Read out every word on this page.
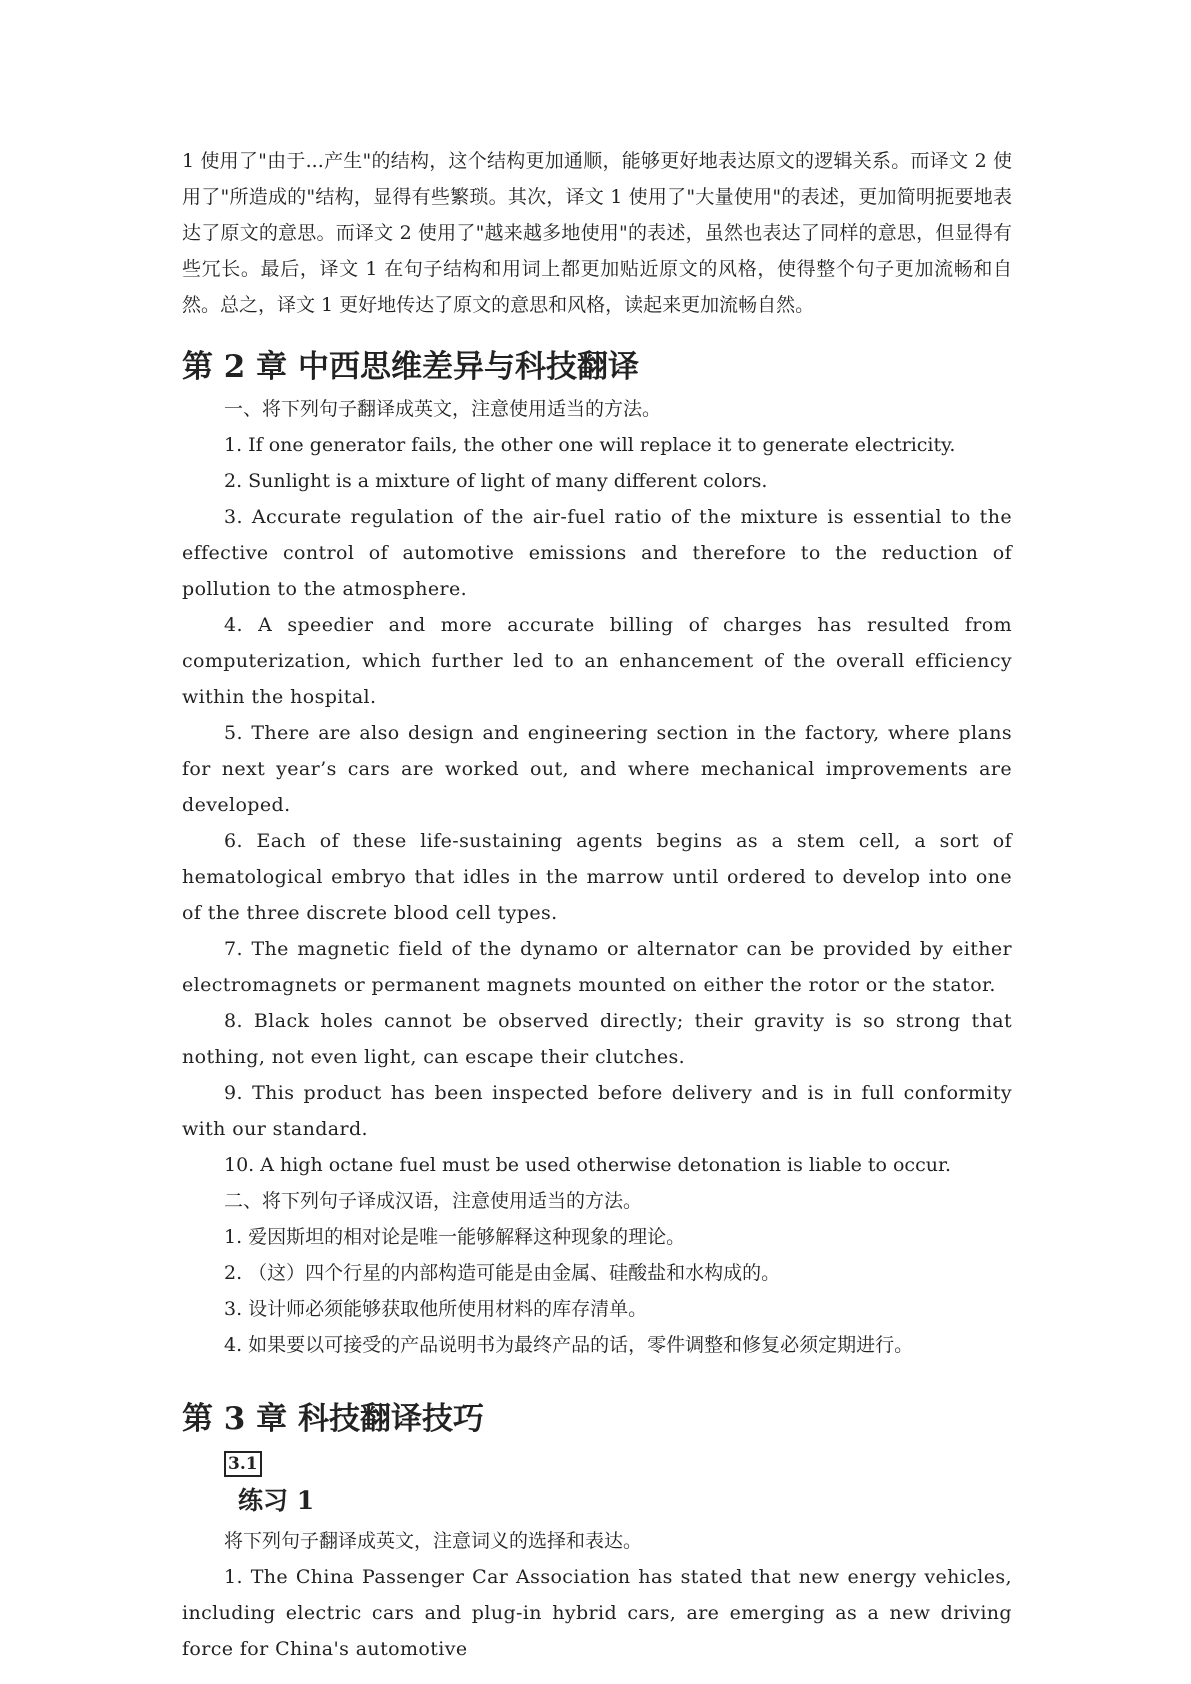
1 使用了"由于...产生"的结构，这个结构更加通顺，能够更好地表达原文的逻辑关系。而译文 2 使用了"所造成的"结构，显得有些繁琐。其次，译文 1 使用了"大量使用"的表述，更加简明扼要地表达了原文的意思。而译文 2 使用了"越来越多地使用"的表述，虽然也表达了同样的意思，但显得有些冗长。最后，译文 1 在句子结构和用词上都更加贴近原文的风格，使得整个句子更加流畅和自然。总之，译文 1 更好地传达了原文的意思和风格，读起来更加流畅自然。

第 2 章 中西思维差异与科技翻译

一、将下列句子翻译成英文，注意使用适当的方法。

1. If one generator fails, the other one will replace it to generate electricity.

2. Sunlight is a mixture of light of many different colors.

3. Accurate regulation of the air-fuel ratio of the mixture is essential to the effective control of automotive emissions and therefore to the reduction of pollution to the atmosphere.

4. A speedier and more accurate billing of charges has resulted from computerization, which further led to an enhancement of the overall efficiency within the hospital.

5. There are also design and engineering section in the factory, where plans for next year’s cars are worked out, and where mechanical improvements are developed.

6. Each of these life-sustaining agents begins as a stem cell, a sort of hematological embryo that idles in the marrow until ordered to develop into one of the three discrete blood cell types.

7. The magnetic field of the dynamo or alternator can be provided by either electromagnets or permanent magnets mounted on either the rotor or the stator.

8. Black holes cannot be observed directly; their gravity is so strong that nothing, not even light, can escape their clutches.

9. This product has been inspected before delivery and is in full conformity with our standard.

10. A high octane fuel must be used otherwise detonation is liable to occur.

二、将下列句子译成汉语，注意使用适当的方法。

1. 爱因斯坦的相对论是唯一能够解释这种现象的理论。

2. （这）四个行星的内部构造可能是由金属、硅酸盐和水构成的。

3. 设计师必须能够获取他所使用材料的库存清单。

4. 如果要以可接受的产品说明书为最终产品的话，零件调整和修复必须定期进行。

第 3 章 科技翻译技巧
3.1
练习 1

将下列句子翻译成英文，注意词义的选择和表达。

1. The China Passenger Car Association has stated that new energy vehicles, including electric cars and plug-in hybrid cars, are emerging as a new driving force for China's automotive
